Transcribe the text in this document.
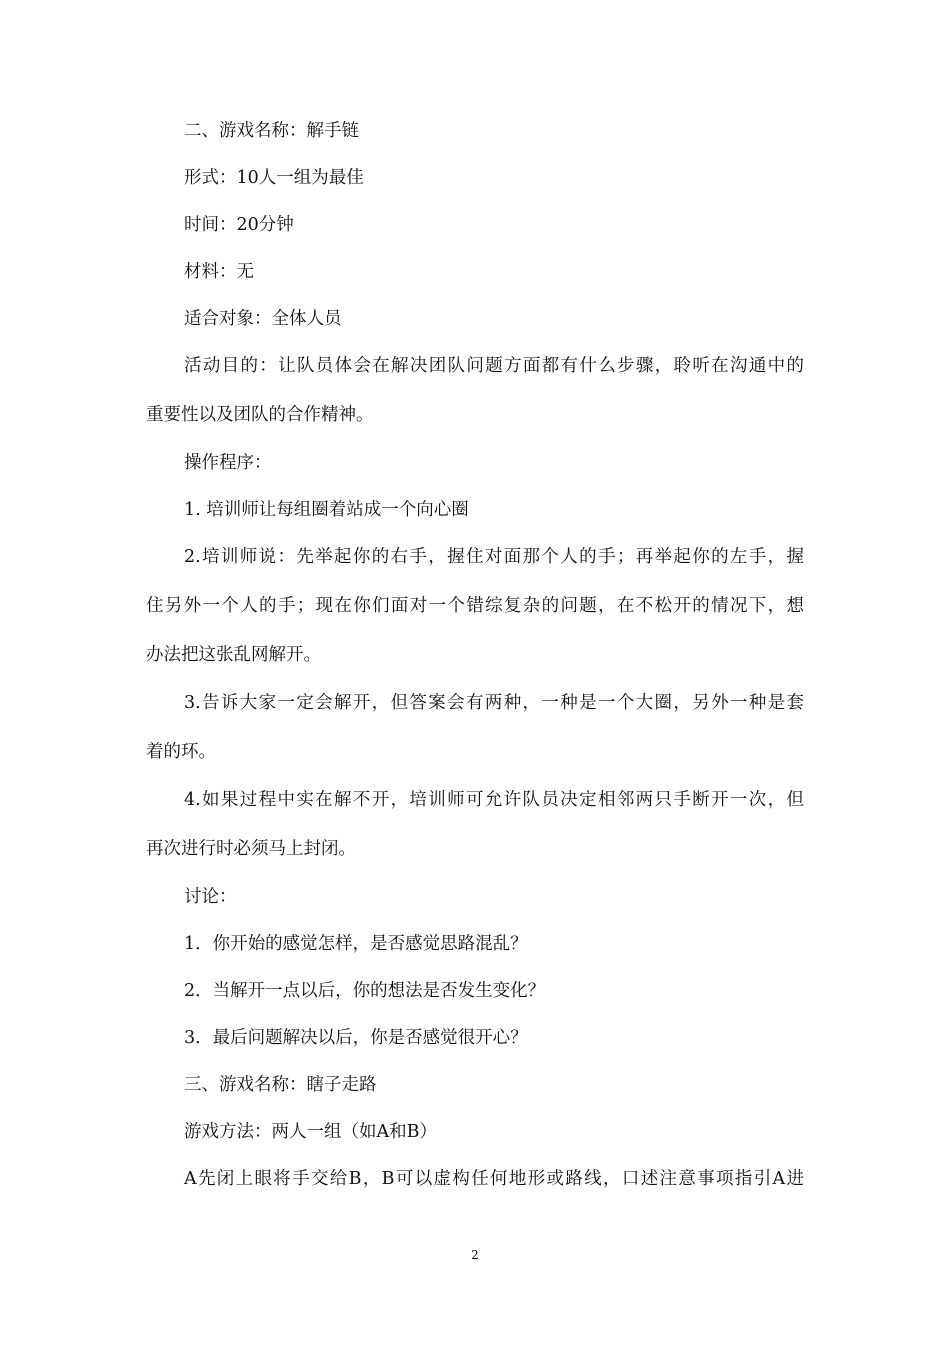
二、游戏名称：解手链
形式：10人一组为最佳
时间：20分钟
材料：无
适合对象：全体人员
活动目的：让队员体会在解决团队问题方面都有什么步骤，聆听在沟通中的
重要性以及团队的合作精神。
操作程序：
1. 培训师让每组圈着站成一个向心圈
2.培训师说：先举起你的右手，握住对面那个人的手；再举起你的左手，握
住另外一个人的手；现在你们面对一个错综复杂的问题，在不松开的情况下，想
办法把这张乱网解开。
3.告诉大家一定会解开，但答案会有两种，一种是一个大圈，另外一种是套
着的环。
4.如果过程中实在解不开，培训师可允许队员决定相邻两只手断开一次，但
再次进行时必须马上封闭。
讨论：
1．你开始的感觉怎样，是否感觉思路混乱？
2．当解开一点以后，你的想法是否发生变化？
3．最后问题解决以后，你是否感觉很开心？
三、游戏名称：瞎子走路
游戏方法：两人一组（如A和B）
A先闭上眼将手交给B，B可以虚构任何地形或路线，口述注意事项指引A进
2
